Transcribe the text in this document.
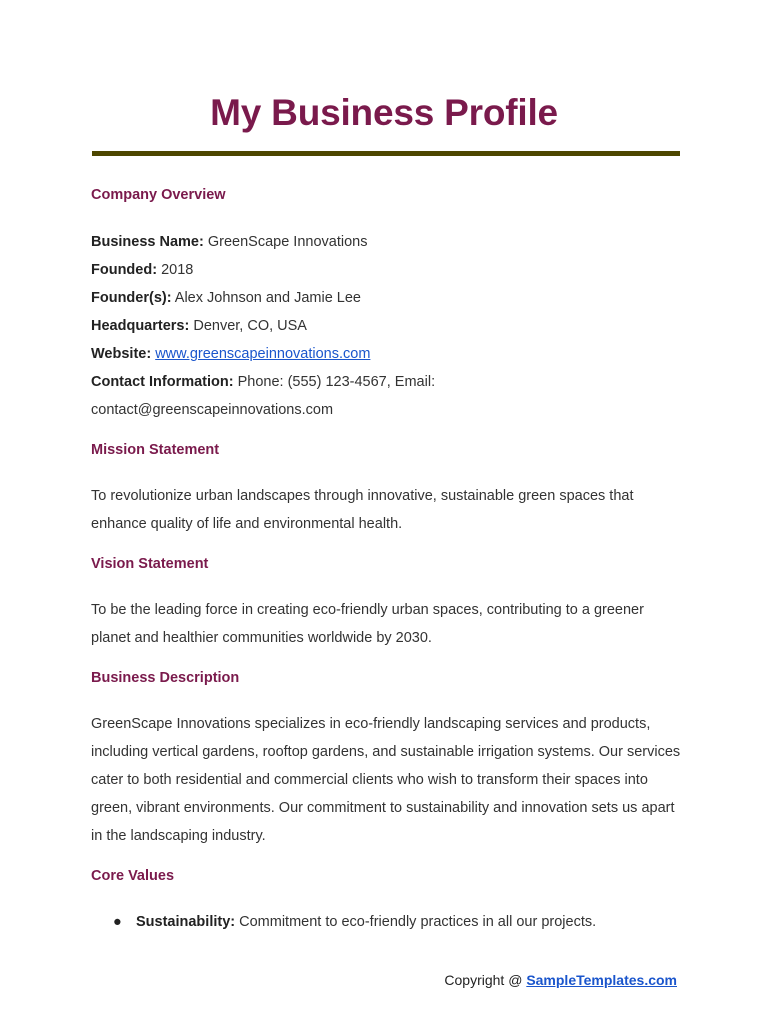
My Business Profile
Company Overview
Business Name: GreenScape Innovations
Founded: 2018
Founder(s): Alex Johnson and Jamie Lee
Headquarters: Denver, CO, USA
Website: www.greenscapeinnovations.com
Contact Information: Phone: (555) 123-4567, Email:
contact@greenscapeinnovations.com
Mission Statement

To revolutionize urban landscapes through innovative, sustainable green spaces that enhance quality of life and environmental health.

Vision Statement

To be the leading force in creating eco-friendly urban spaces, contributing to a greener planet and healthier communities worldwide by 2030.

Business Description

GreenScape Innovations specializes in eco-friendly landscaping services and products, including vertical gardens, rooftop gardens, and sustainable irrigation systems. Our services cater to both residential and commercial clients who wish to transform their spaces into green, vibrant environments. Our commitment to sustainability and innovation sets us apart in the landscaping industry.

Core Values
● Sustainability: Commitment to eco-friendly practices in all our projects.
Copyright @ SampleTemplates.com
